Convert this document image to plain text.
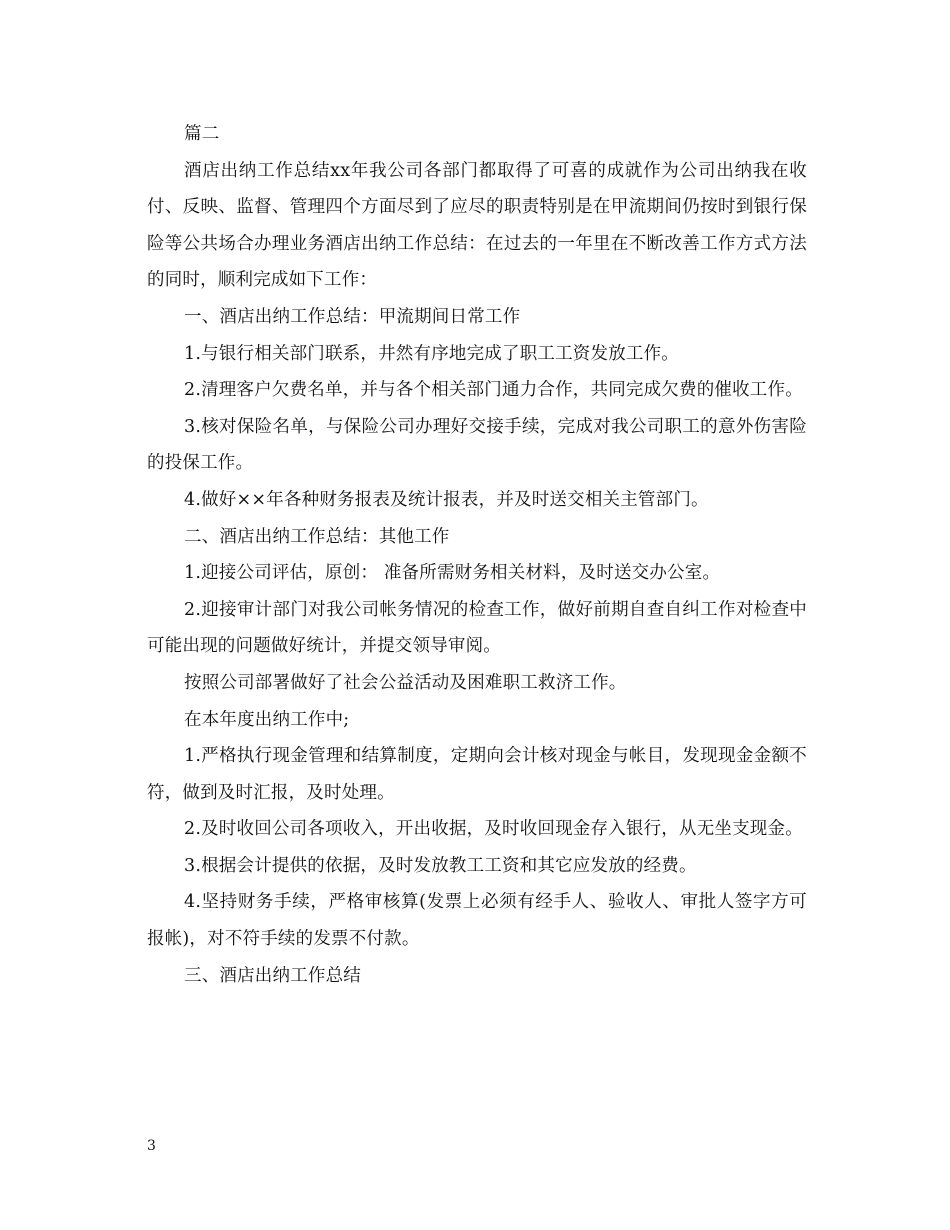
篇二

酒店出纳工作总结xx年我公司各部门都取得了可喜的成就作为公司出纳我在收付、反映、监督、管理四个方面尽到了应尽的职责特别是在甲流期间仍按时到银行保险等公共场合办理业务酒店出纳工作总结：在过去的一年里在不断改善工作方式方法的同时，顺利完成如下工作：

一、酒店出纳工作总结：甲流期间日常工作

1.与银行相关部门联系，井然有序地完成了职工工资发放工作。

2.清理客户欠费名单，并与各个相关部门通力合作，共同完成欠费的催收工作。

3.核对保险名单，与保险公司办理好交接手续，完成对我公司职工的意外伤害险的投保工作。

4.做好××年各种财务报表及统计报表，并及时送交相关主管部门。

二、酒店出纳工作总结：其他工作

1.迎接公司评估，原创： 准备所需财务相关材料，及时送交办公室。

2.迎接审计部门对我公司帐务情况的检查工作，做好前期自查自纠工作对检查中可能出现的问题做好统计，并提交领导审阅。

按照公司部署做好了社会公益活动及困难职工救济工作。

在本年度出纳工作中;

1.严格执行现金管理和结算制度，定期向会计核对现金与帐目，发现现金金额不符，做到及时汇报，及时处理。

2.及时收回公司各项收入，开出收据，及时收回现金存入银行，从无坐支现金。

3.根据会计提供的依据，及时发放教工工资和其它应发放的经费。

4.坚持财务手续，严格审核算(发票上必须有经手人、验收人、审批人签字方可报帐)，对不符手续的发票不付款。

三、酒店出纳工作总结

3
